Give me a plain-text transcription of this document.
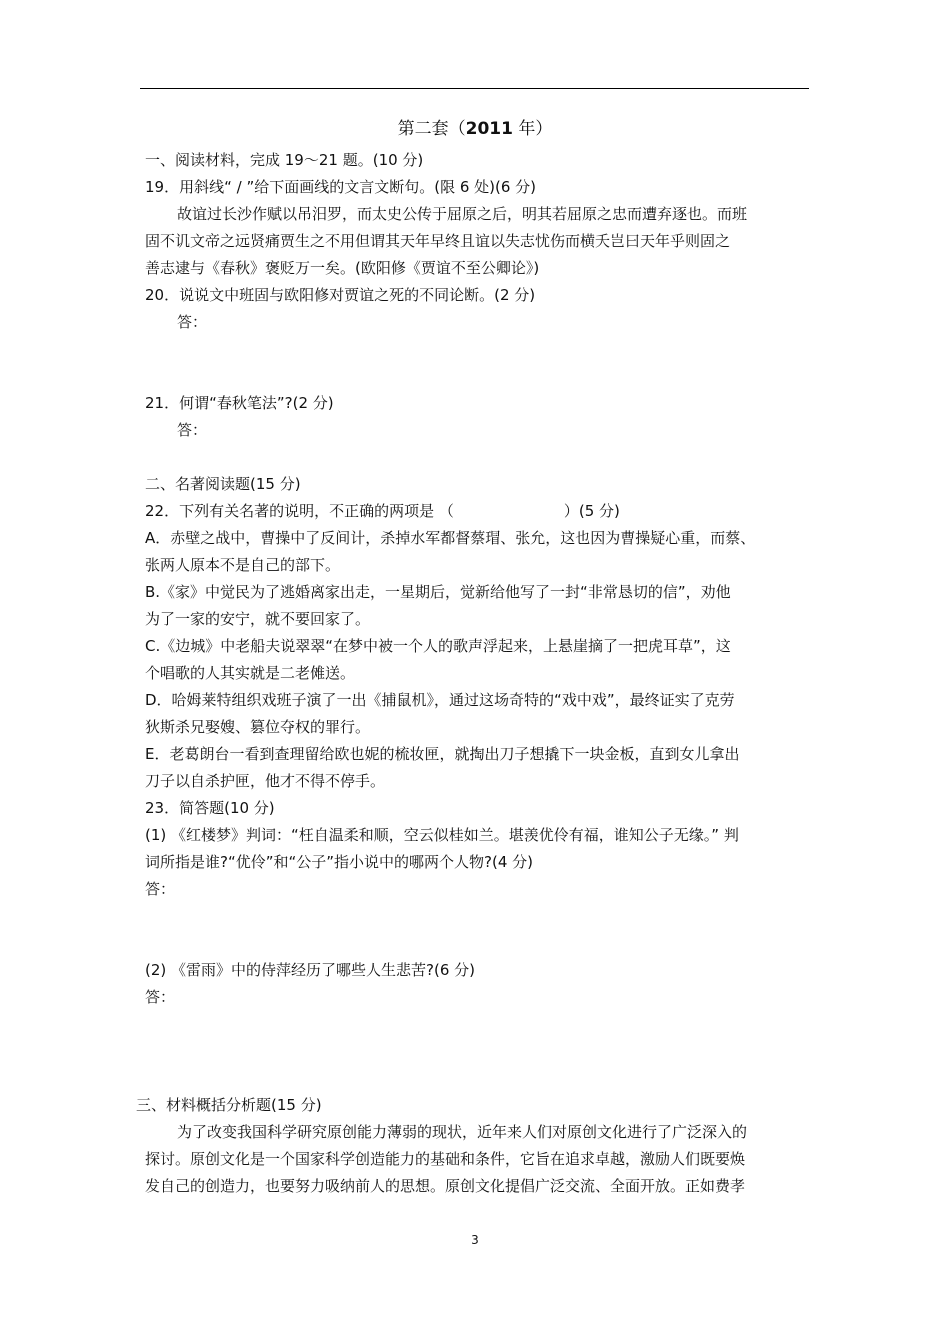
第二套（2011 年）
一、阅读材料，完成 19～21 题。(10 分)
19．用斜线“ / ”给下面画线的文言文断句。(限 6 处)(6 分)
故谊过长沙作赋以吊汨罗，而太史公传于屈原之后，明其若屈原之忠而遭弃逐也。而班
固不讥文帝之远贤痛贾生之不用但谓其天年早终且谊以失志忧伤而横夭岂曰天年乎则固之
善志逮与《春秋》褒贬万一矣。(欧阳修《贾谊不至公卿论》)
20．说说文中班固与欧阳修对贾谊之死的不同论断。(2 分)
答：
21．何谓“春秋笔法”?(2 分)
答：
二、名著阅读题(15 分)
22．下列有关名著的说明，不正确的两项是 （	）(5 分)
A．赤壁之战中，曹操中了反间计，杀掉水军都督蔡瑁、张允，这也因为曹操疑心重，而蔡、
张两人原本不是自己的部下。
B.《家》中觉民为了逃婚离家出走，一星期后，觉新给他写了一封“非常恳切的信”，劝他
为了一家的安宁，就不要回家了。
C.《边城》中老船夫说翠翠“在梦中被一个人的歌声浮起来，上悬崖摘了一把虎耳草”，这
个唱歌的人其实就是二老傩送。
D．哈姆莱特组织戏班子演了一出《捕鼠机》，通过这场奇特的“戏中戏”，最终证实了克劳
狄斯杀兄娶嫂、篡位夺权的罪行。
E．老葛朗台一看到查理留给欧也妮的梳妆匣，就掏出刀子想撬下一块金板，直到女儿拿出
刀子以自杀护匣，他才不得不停手。
23．简答题(10 分)
(1) 《红楼梦》判词：“枉自温柔和顺，空云似桂如兰。堪羡优伶有福，谁知公子无缘。” 判
词所指是谁?“优伶”和“公子”指小说中的哪两个人物?(4 分)
答：
(2) 《雷雨》中的侍萍经历了哪些人生悲苦?(6 分)
答：
三、材料概括分析题(15 分)
为了改变我国科学研究原创能力薄弱的现状，近年来人们对原创文化进行了广泛深入的
探讨。原创文化是一个国家科学创造能力的基础和条件，它旨在追求卓越，激励人们既要焕
发自己的创造力，也要努力吸纳前人的思想。原创文化提倡广泛交流、全面开放。正如费孝
3
